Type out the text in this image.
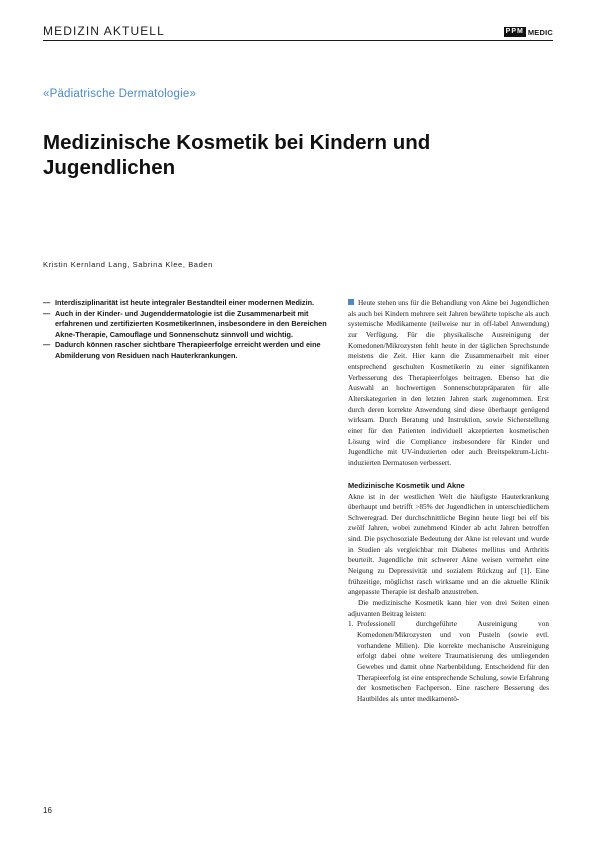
MEDIZIN AKTUELL	PPM MEDIC
«Pädiatrische Dermatologie»
Medizinische Kosmetik bei Kindern und Jugendlichen

Kristin Kernland Lang, Sabrina Klee, Baden
— Interdisziplinarität ist heute integraler Bestandteil einer modernen Medizin.
— Auch in der Kinder- und Jugenddermatologie ist die Zusammenarbeit mit erfahrenen und zertifizierten KosmetikerInnen, insbesondere in den Bereichen Akne-Therapie, Camouflage und Sonnenschutz sinnvoll und wichtig.
— Dadurch können rascher sichtbare Therapieerfolge erreicht werden und eine Abmilderung von Residuen nach Hauterkrankungen.

Heute stehen uns für die Behandlung von Akne bei Jugendlichen als auch bei Kindern mehrere seit Jahren bewährte topische als auch systemische Medikamente (teilweise nur in off-label Anwendung) zur Verfügung. Für die physikalische Ausreinigung der Komedonen/Mikrozysten fehlt heute in der täglichen Sprechstunde meistens die Zeit. Hier kann die Zusammenarbeit mit einer entsprechend geschulten Kosmetikerin zu einer signifikanten Verbesserung des Therapieerfolges beitragen. Ebenso hat die Auswahl an hochwertigen Sonnenschutzpräparaten für alle Alterskategorien in den letzten Jahren stark zugenommen. Erst durch deren korrekte Anwendung sind diese überhaupt genügend wirksam. Durch Beratung und Instruktion, sowie Sicherstellung einer für den Patienten individuell akzeptierten kosmetischen Lösung wird die Compliance insbesondere für Kinder und Jugendliche mit UV-induzierten oder auch Breitspektrum-Licht-induzierten Dermatosen verbessert.

Medizinische Kosmetik und Akne

Akne ist in der westlichen Welt die häufigste Hauterkrankung überhaupt und betrifft >85% der Jugendlichen in unterschiedlichem Schweregrad. Der durchschnittliche Beginn heute liegt bei elf bis zwölf Jahren, wobei zunehmend Kinder ab acht Jahren betroffen sind. Die psychosoziale Bedeutung der Akne ist relevant und wurde in Studien als vergleichbar mit Diabetes mellitus und Arthritis beurteilt. Jugendliche mit schwerer Akne weisen vermehrt eine Neigung zu Depressivität und sozialem Rückzug auf [1]. Eine frühzeitige, möglichst rasch wirksame und an die aktuelle Klinik angepasste Therapie ist deshalb anzustreben.

Die medizinische Kosmetik kann hier von drei Seiten einen adjuvanten Beitrag leisten:

1. Professionell durchgeführte Ausreinigung von Komedonen/Mikrozysten und von Pusteln (sowie evtl. vorhandene Milien). Die korrekte mechanische Ausreinigung erfolgt dabei ohne weitere Traumatisierung des umliegenden Gewebes und damit ohne Narbenbildung. Entscheidend für den Therapieerfolg ist eine entsprechende Schulung, sowie Erfahrung der kosmetischen Fachperson. Eine raschere Besserung des Hautbildes als unter medikamentö-
16
